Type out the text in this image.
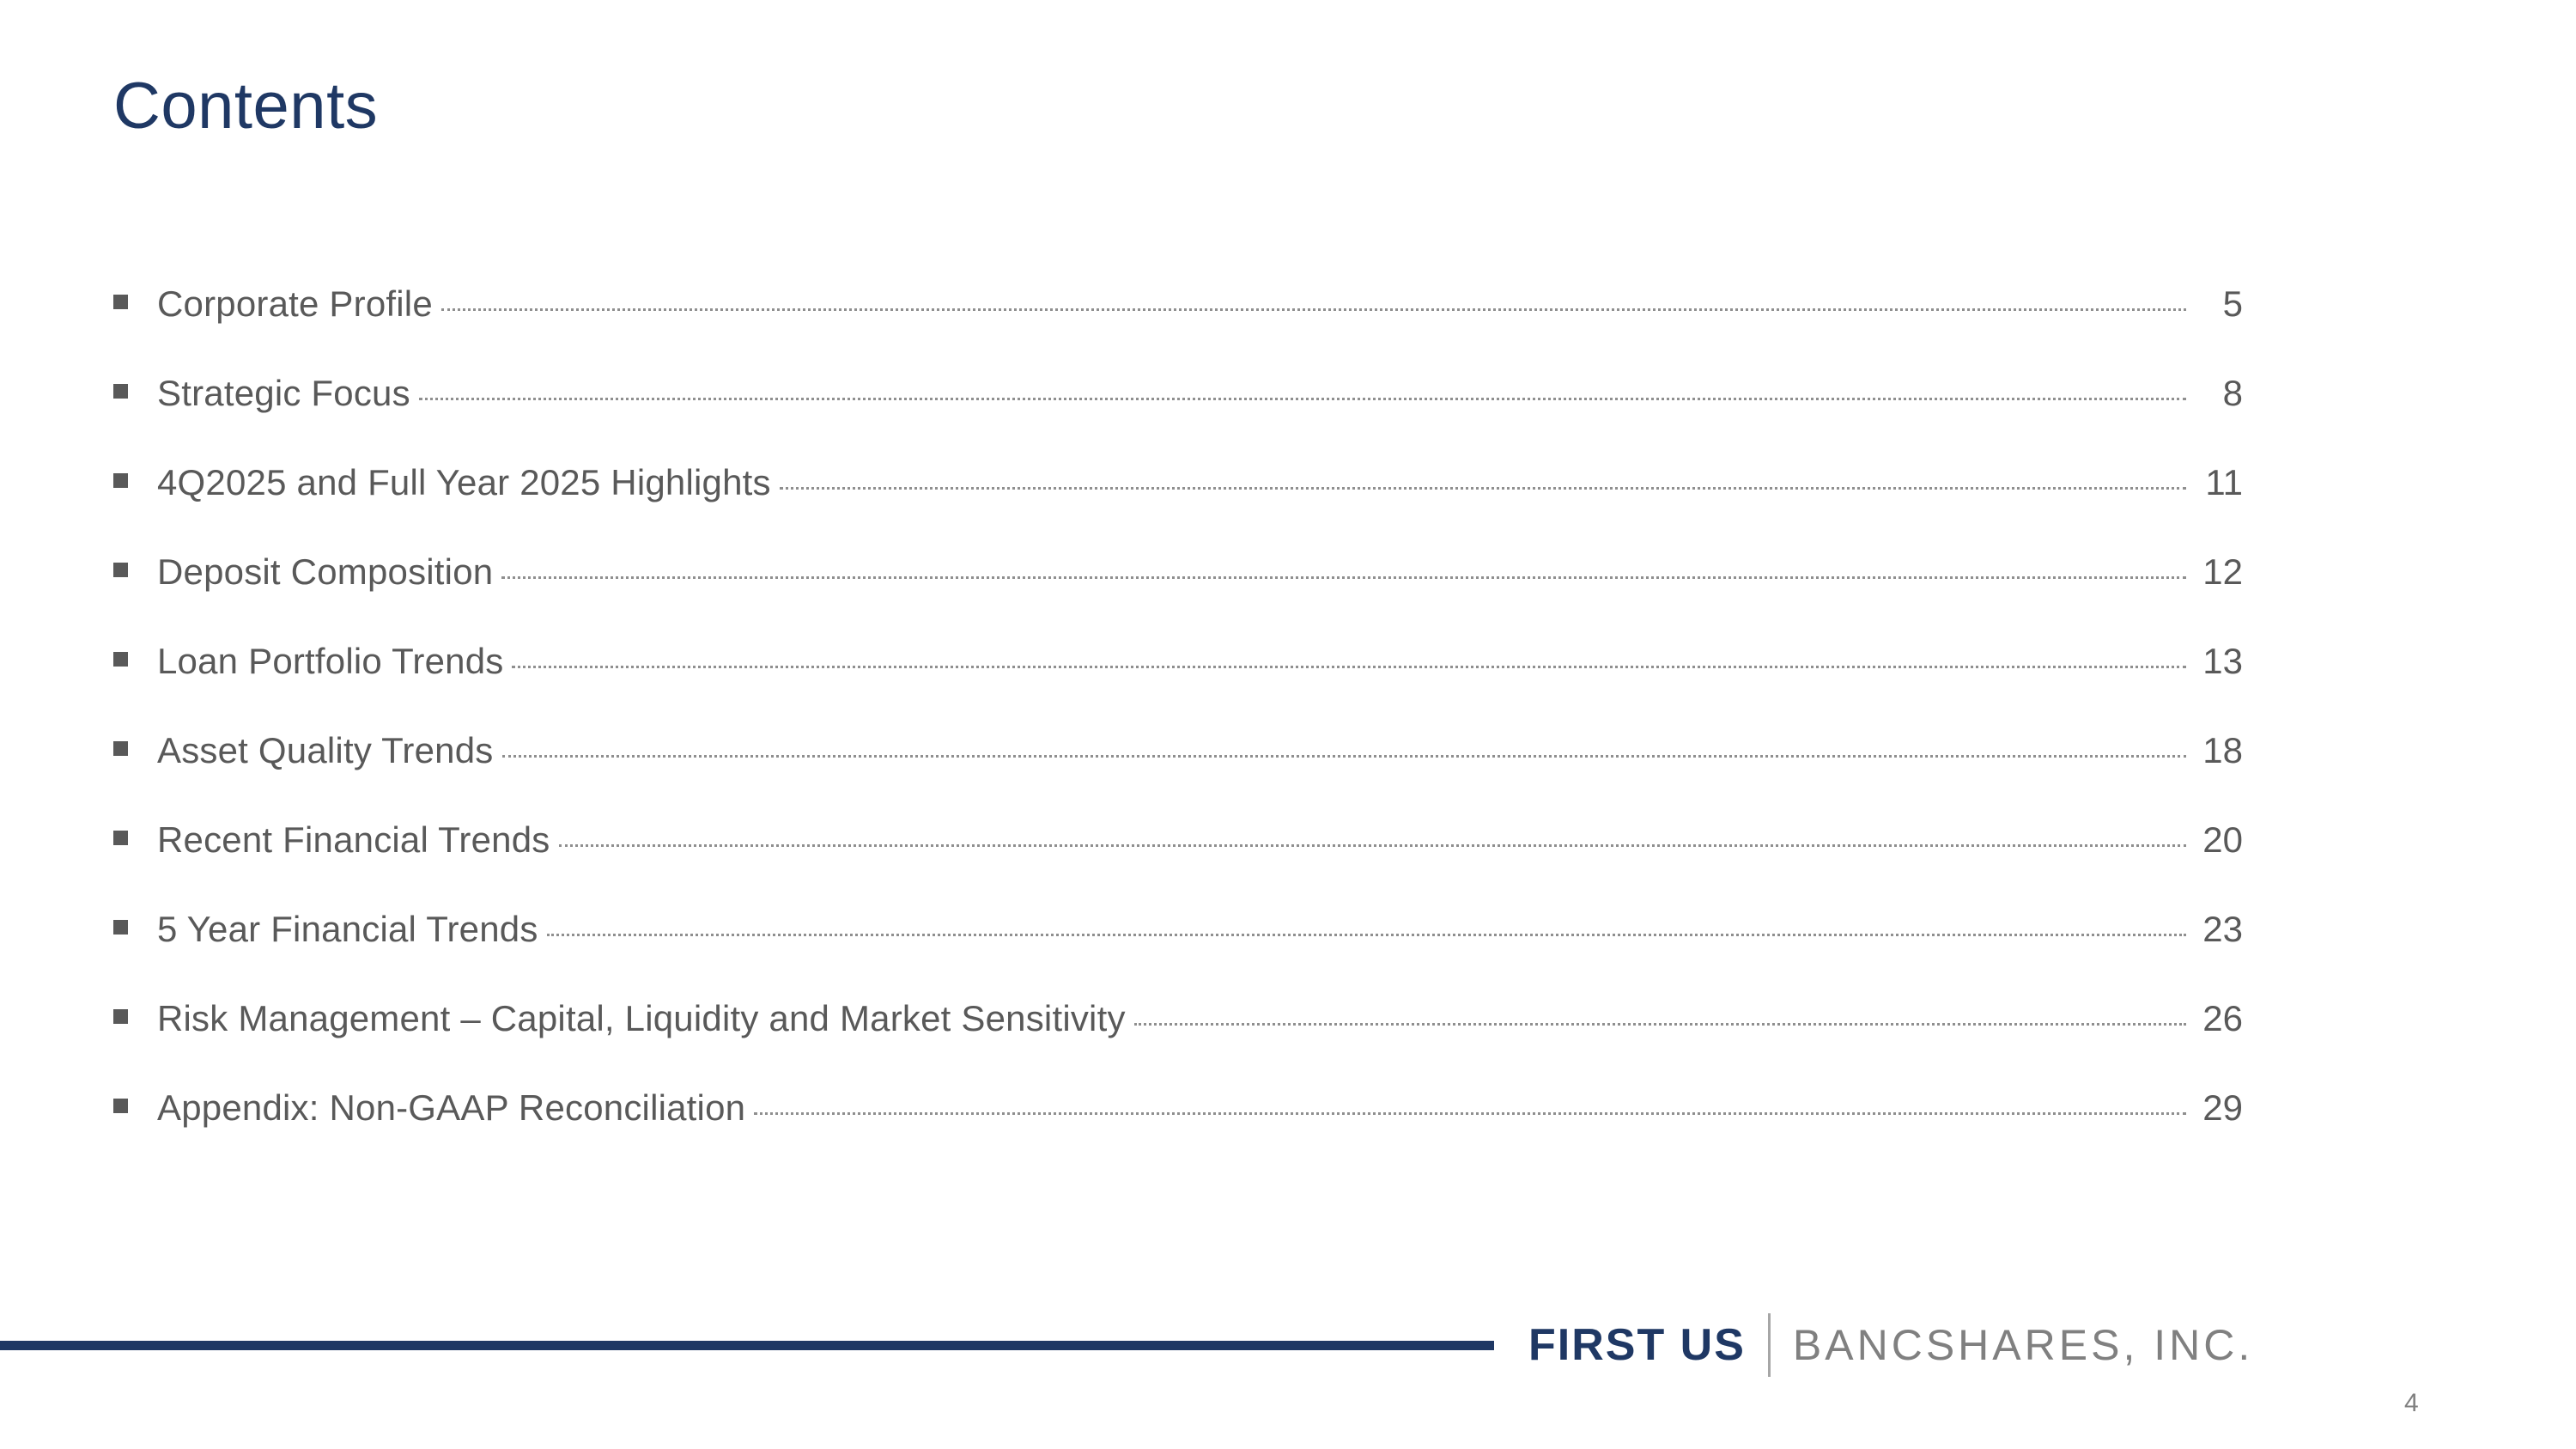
Contents
Corporate Profile	5
Strategic Focus	8
4Q2025 and Full Year 2025 Highlights	11
Deposit Composition	12
Loan Portfolio Trends	13
Asset Quality Trends	18
Recent Financial Trends	20
5 Year Financial Trends	23
Risk Management – Capital, Liquidity and Market Sensitivity	26
Appendix: Non-GAAP Reconciliation	29
FIRST US BANCSHARES, INC.
4
